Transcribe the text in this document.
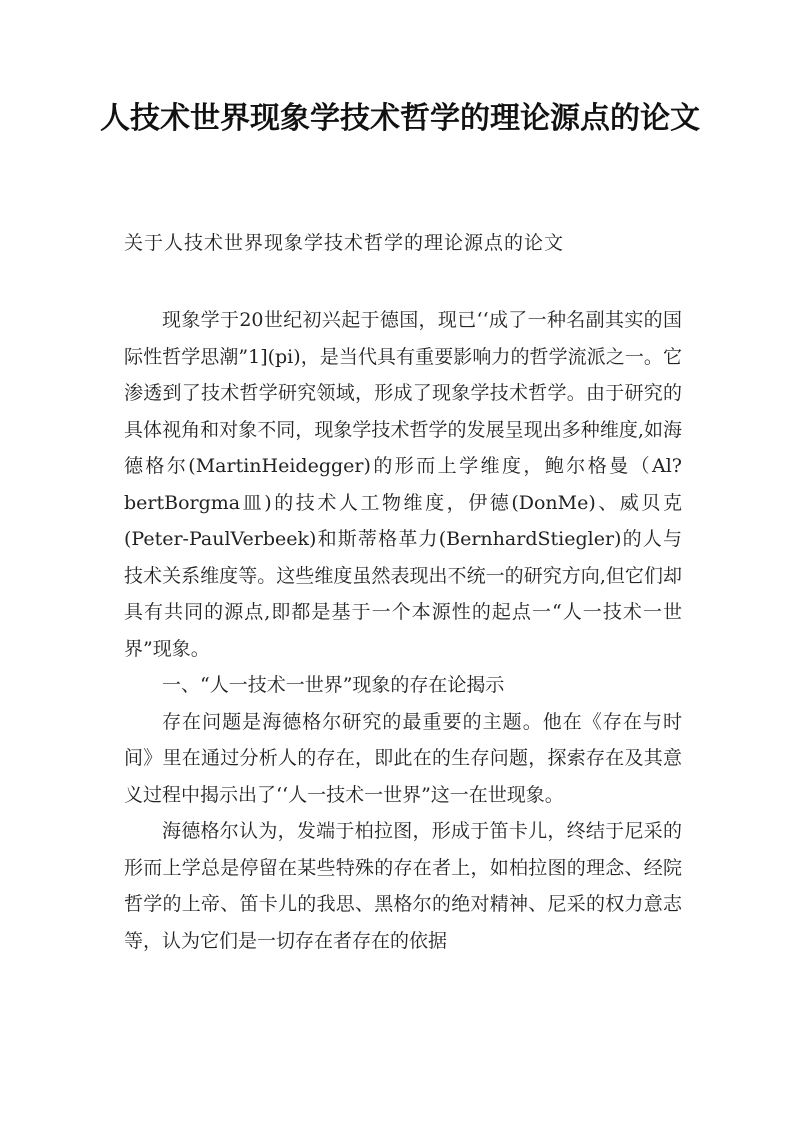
人技术世界现象学技术哲学的理论源点的论文

关于人技术世界现象学技术哲学的理论源点的论文

现象学于20世纪初兴起于德国，现已‘‘成了一种名副其实的国际性哲学思潮”1](pi)，是当代具有重要影响力的哲学流派之一。它渗透到了技术哲学研究领域，形成了现象学技术哲学。由于研究的具体视角和对象不同，现象学技术哲学的发展呈现出多种维度,如海德格尔(MartinHeidegger)的形而上学维度，鲍尔格曼（Al?bertBorgma皿)的技术人工物维度，伊德(DonMe)、威贝克(Peter-PaulVerbeek)和斯蒂格革力(BernhardStiegler)的人与技术关系维度等。这些维度虽然表现出不统一的研究方向,但它们却具有共同的源点,即都是基于一个本源性的起点一“人一技术一世界”现象。

一、“人一技术一世界”现象的存在论揭示

存在问题是海德格尔研究的最重要的主题。他在《存在与时间》里在通过分析人的存在，即此在的生存问题，探索存在及其意义过程中揭示出了‘‘人一技术一世界”这一在世现象。

海德格尔认为，发端于柏拉图，形成于笛卡儿，终结于尼采的形而上学总是停留在某些特殊的存在者上，如柏拉图的理念、经院哲学的上帝、笛卡儿的我思、黑格尔的绝对精神、尼采的权力意志等，认为它们是一切存在者存在的依据
